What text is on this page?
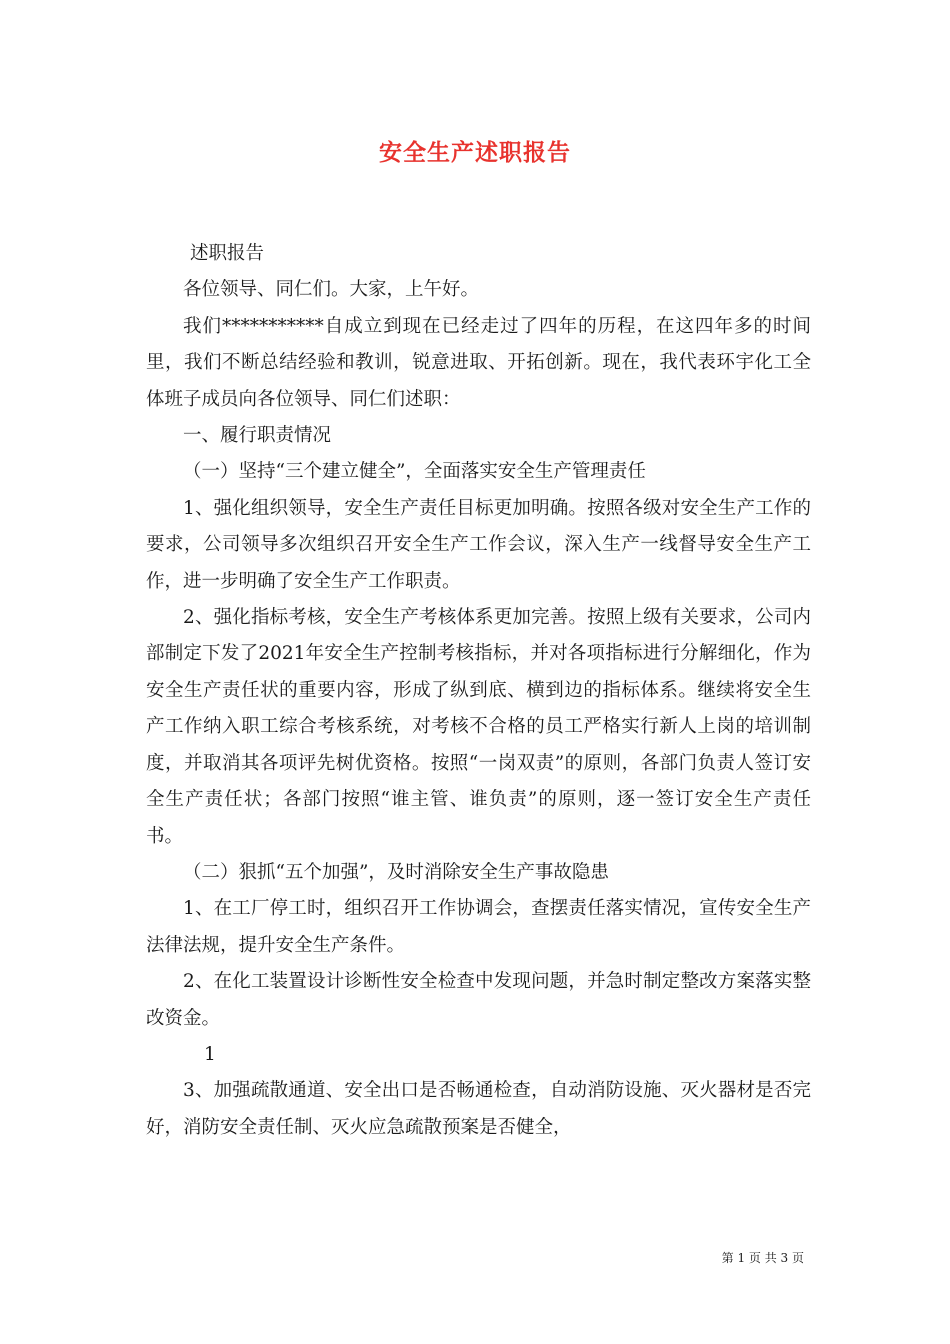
安全生产述职报告

述职报告

各位领导、同仁们。大家，上午好。

我们***********自成立到现在已经走过了四年的历程，在这四年多的时间里，我们不断总结经验和教训，锐意进取、开拓创新。现在，我代表环宇化工全体班子成员向各位领导、同仁们述职：

一、履行职责情况

（一）坚持“三个建立健全”，全面落实安全生产管理责任

1、强化组织领导，安全生产责任目标更加明确。按照各级对安全生产工作的要求，公司领导多次组织召开安全生产工作会议，深入生产一线督导安全生产工作，进一步明确了安全生产工作职责。

2、强化指标考核，安全生产考核体系更加完善。按照上级有关要求，公司内部制定下发了2021年安全生产控制考核指标，并对各项指标进行分解细化，作为安全生产责任状的重要内容，形成了纵到底、横到边的指标体系。继续将安全生产工作纳入职工综合考核系统，对考核不合格的员工严格实行新人上岗的培训制度，并取消其各项评先树优资格。按照“一岗双责”的原则，各部门负责人签订安全生产责任状；各部门按照“谁主管、谁负责”的原则，逐一签订安全生产责任书。

（二）狠抓“五个加强”，及时消除安全生产事故隐患

1、在工厂停工时，组织召开工作协调会，查摆责任落实情况，宣传安全生产法律法规，提升安全生产条件。

2、在化工装置设计诊断性安全检查中发现问题，并急时制定整改方案落实整改资金。

1

3、加强疏散通道、安全出口是否畅通检查，自动消防设施、灭火器材是否完好，消防安全责任制、灭火应急疏散预案是否健全，

第 1 页 共 3 页
